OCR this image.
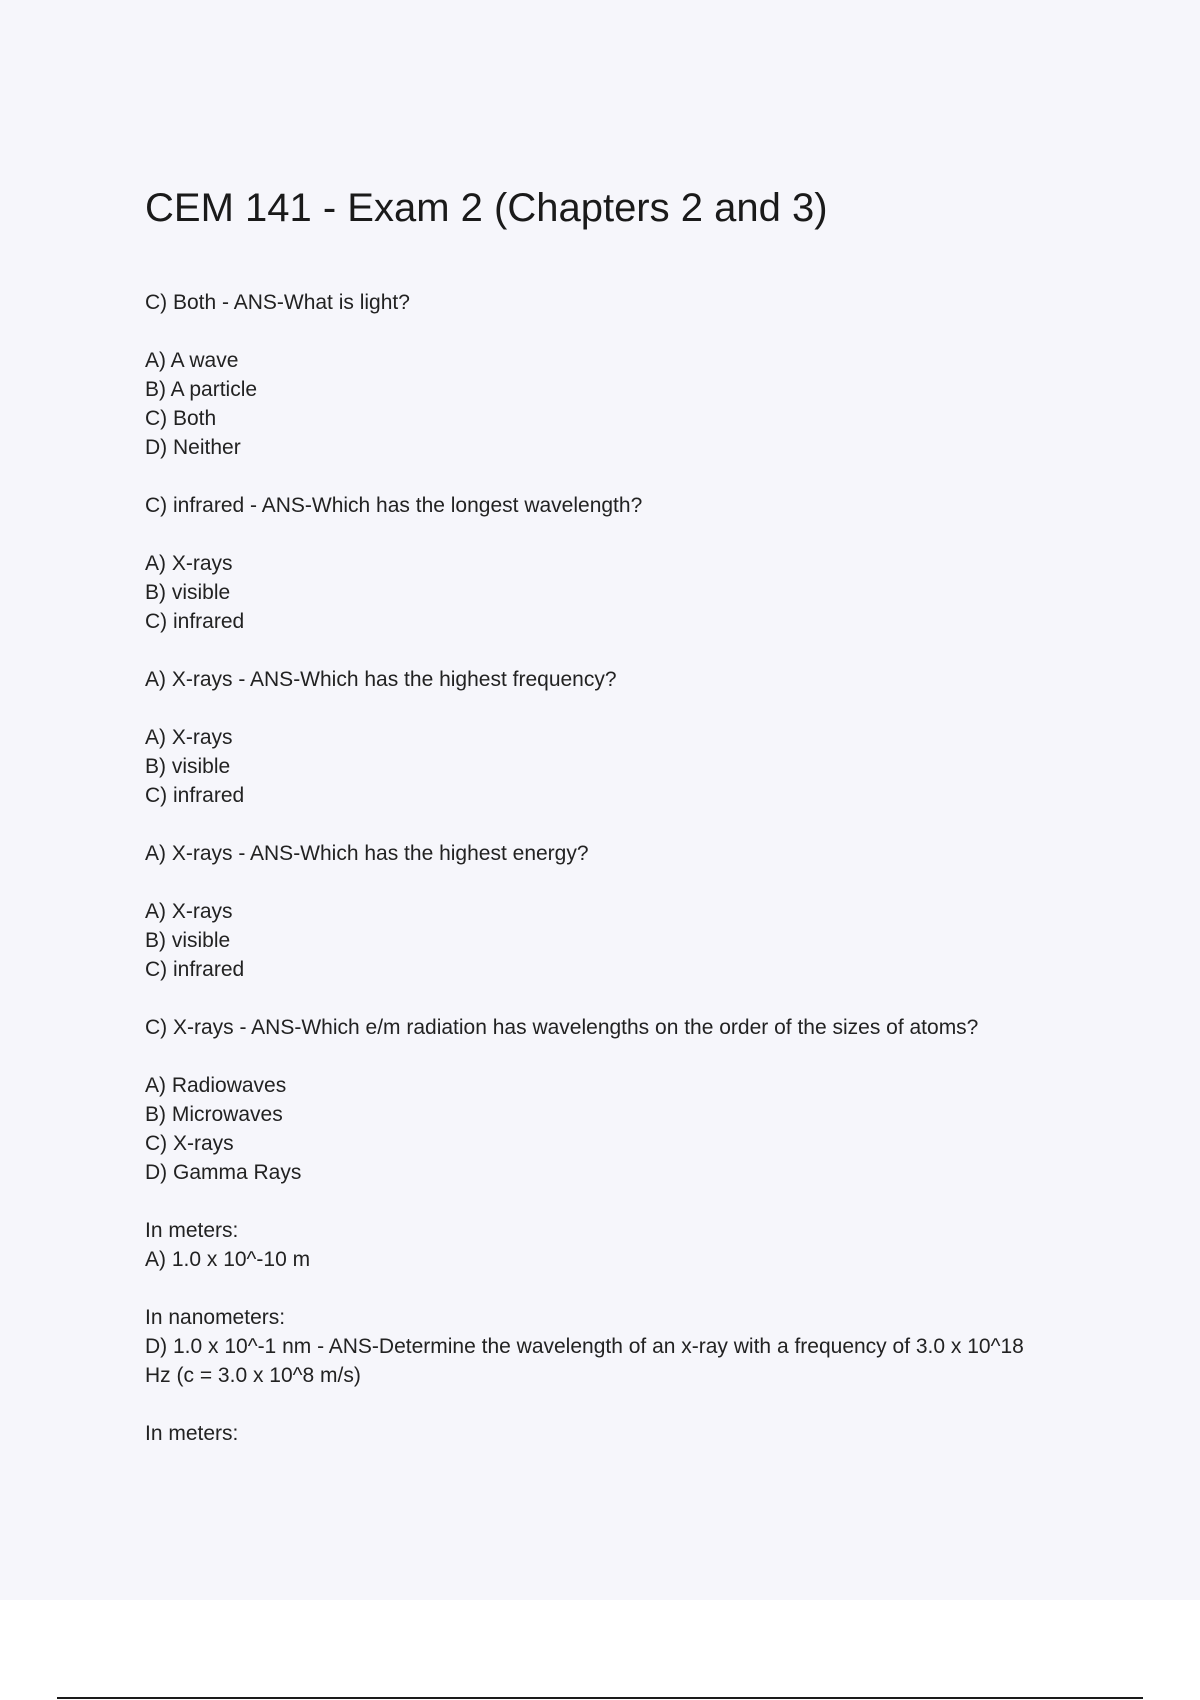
CEM 141 - Exam 2 (Chapters 2 and 3)
C) Both - ANS-What is light?
A) A wave
B) A particle
C) Both
D) Neither
C) infrared - ANS-Which has the longest wavelength?
A) X-rays
B) visible
C) infrared
A) X-rays - ANS-Which has the highest frequency?
A) X-rays
B) visible
C) infrared
A) X-rays - ANS-Which has the highest energy?
A) X-rays
B) visible
C) infrared
C) X-rays - ANS-Which e/m radiation has wavelengths on the order of the sizes of atoms?
A) Radiowaves
B) Microwaves
C) X-rays
D) Gamma Rays
In meters:
A) 1.0 x 10^-10 m
In nanometers:
D) 1.0 x 10^-1 nm - ANS-Determine the wavelength of an x-ray with a frequency of 3.0 x 10^18
Hz (c = 3.0 x 10^8 m/s)
In meters:
